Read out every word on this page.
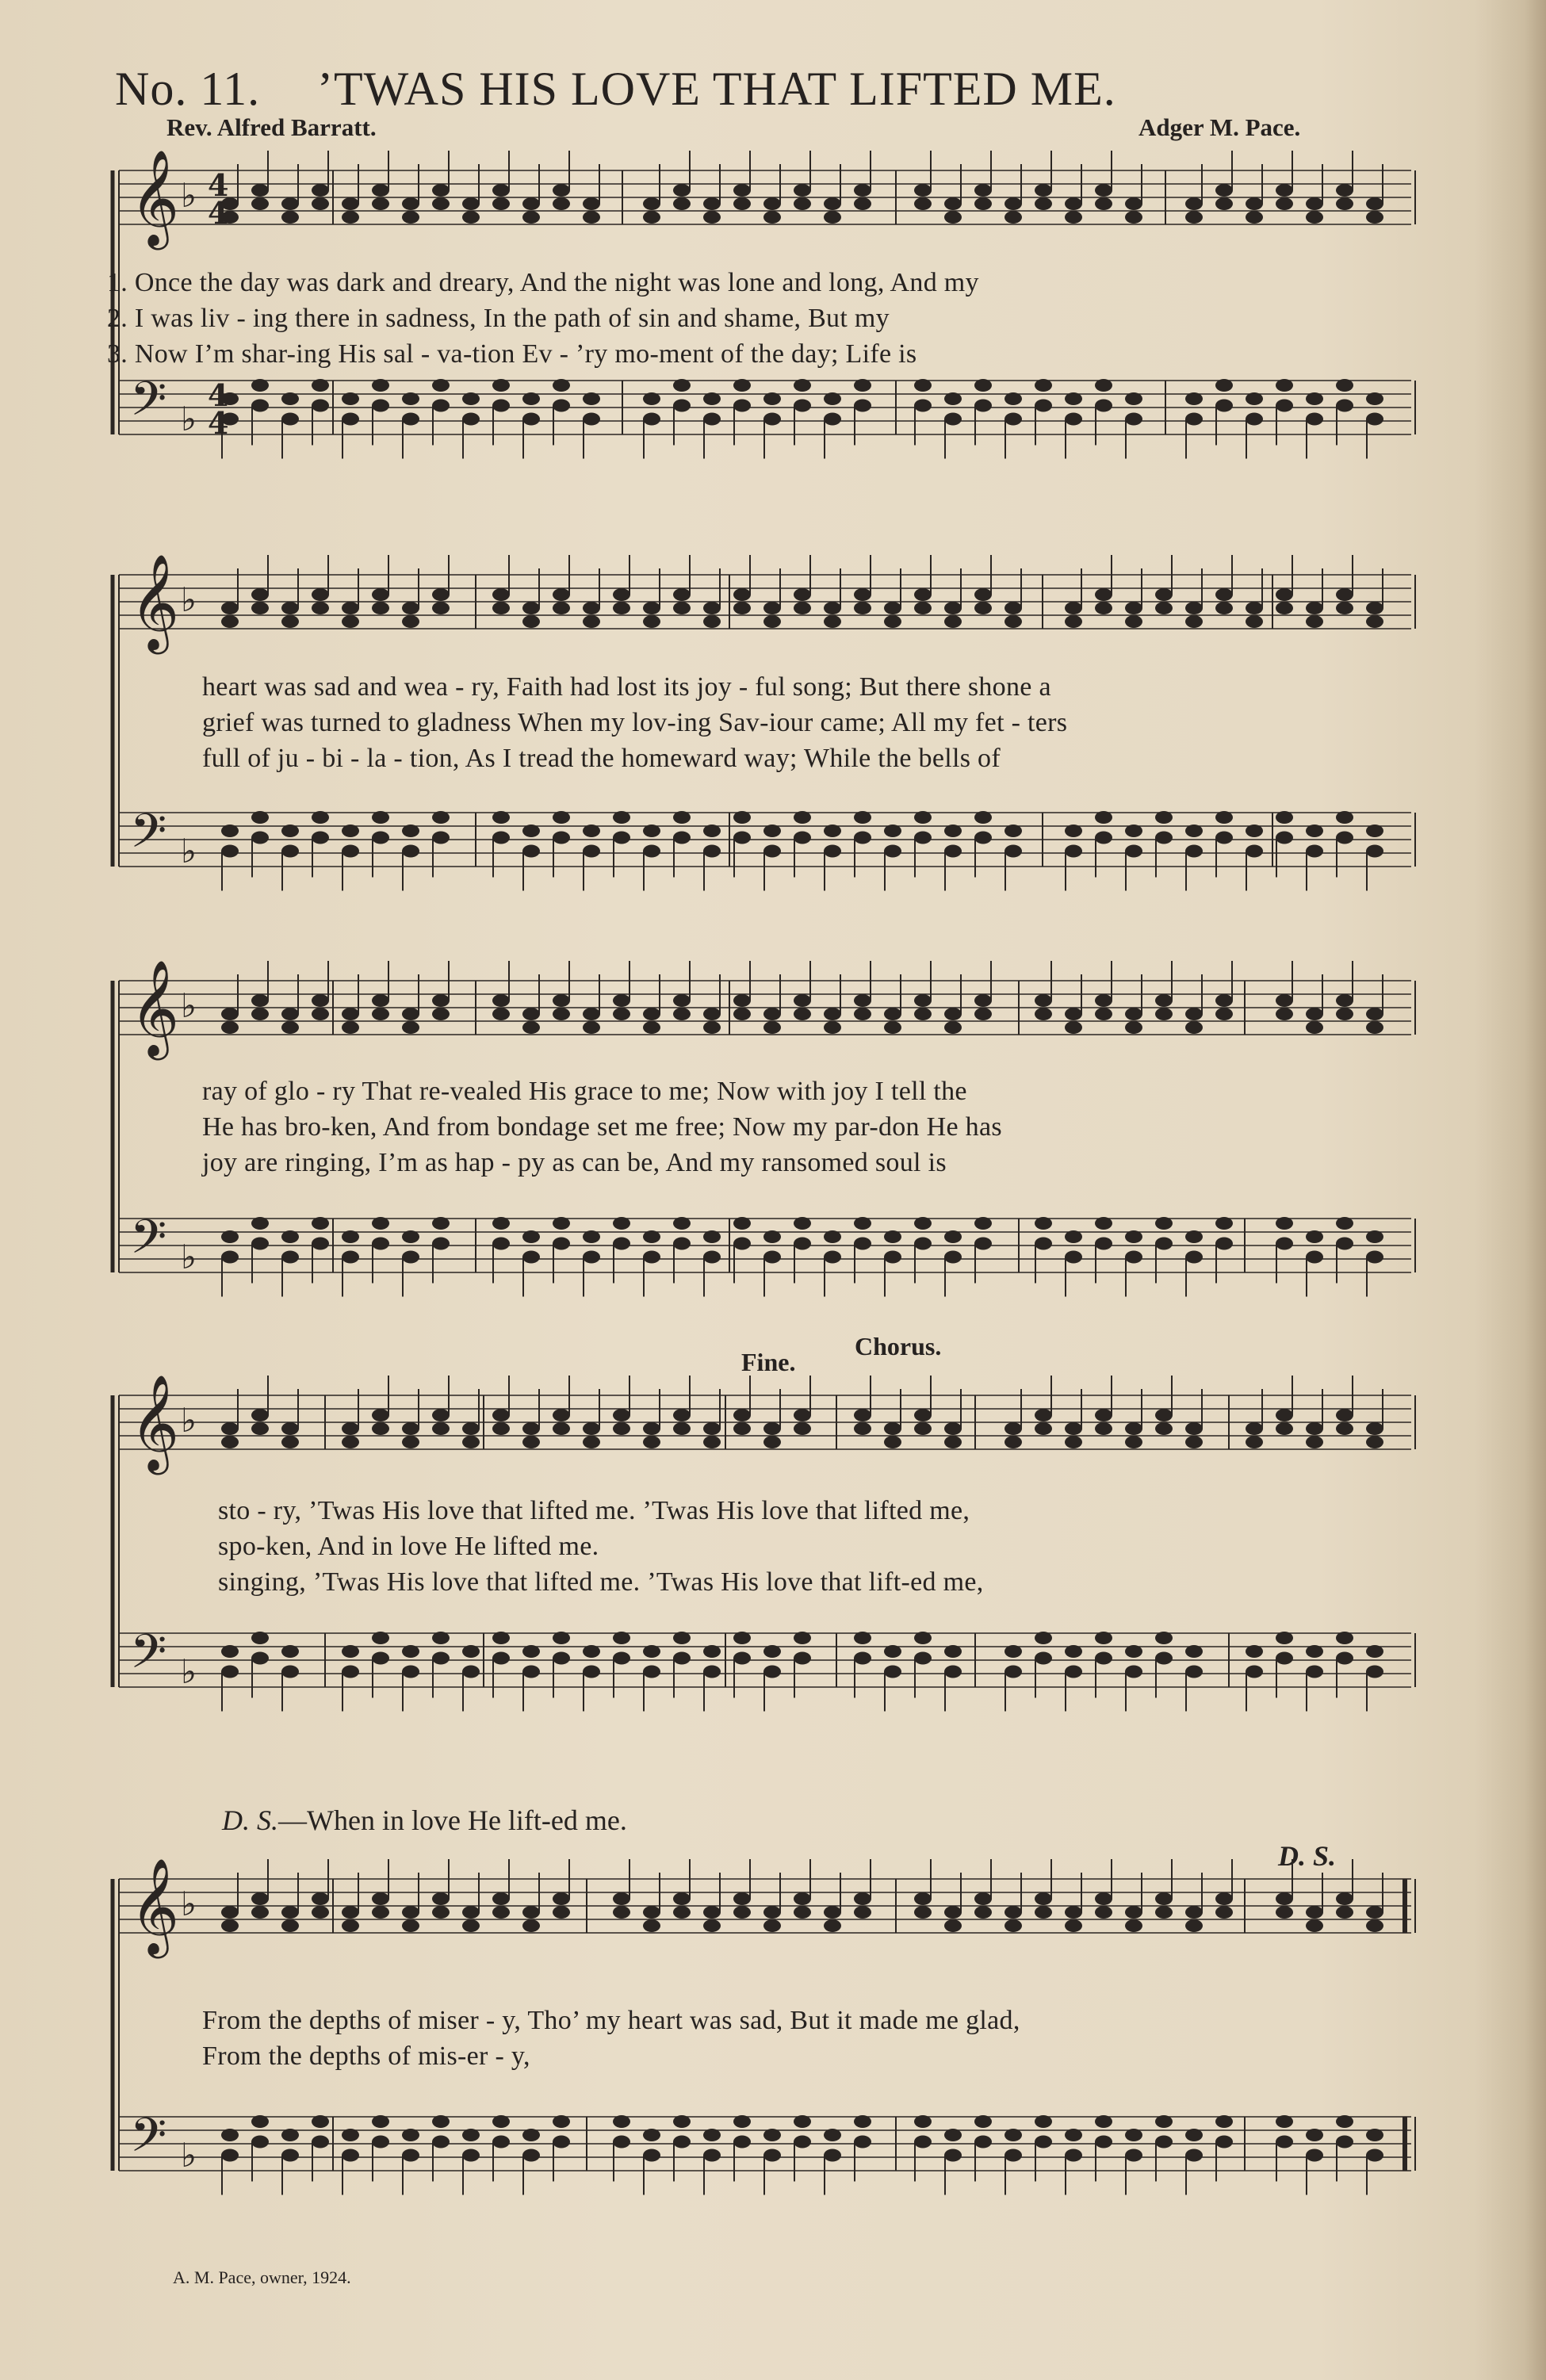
No. 11. ’TWAS HIS LOVE THAT LIFTED ME.
Rev. Alfred Barratt.	Adger M. Pace.
𝄞
𝄢
♭
♭
4
4
4
4
1. Once the day was dark and dreary, And the night was lone and long, And my
2. I was liv - ing there in sadness, In the path of sin and shame, But my
3. Now I’m shar-ing His sal - va-tion Ev - ’ry mo-ment of the day; Life is
𝄞
𝄢
♭
♭
heart was sad and wea - ry, Faith had lost its joy - ful song; But there shone a
grief was turned to gladness When my lov-ing Sav-iour came; All my fet - ters
full of ju - bi - la - tion, As I tread the homeward way; While the bells of
𝄞
𝄢
♭
♭
ray of glo - ry That re-vealed His grace to me; Now with joy I tell the
He has bro-ken, And from bondage set me free; Now my par-don He has
joy are ringing, I’m as hap - py as can be, And my ransomed soul is
Fine.
Chorus.
𝄞
𝄢
♭
♭
sto - ry, ’Twas His love that lifted me. ’Twas His love that lifted me,
spo-ken, And in love He lifted me.
singing, ’Twas His love that lifted me. ’Twas His love that lift-ed me,
D. S.—When in love He lift-ed me.
D. S.
𝄞
𝄢
♭
♭
From the depths of miser - y, Tho’ my heart was sad, But it made me glad,
From the depths of mis-er - y,
A. M. Pace, owner, 1924.
